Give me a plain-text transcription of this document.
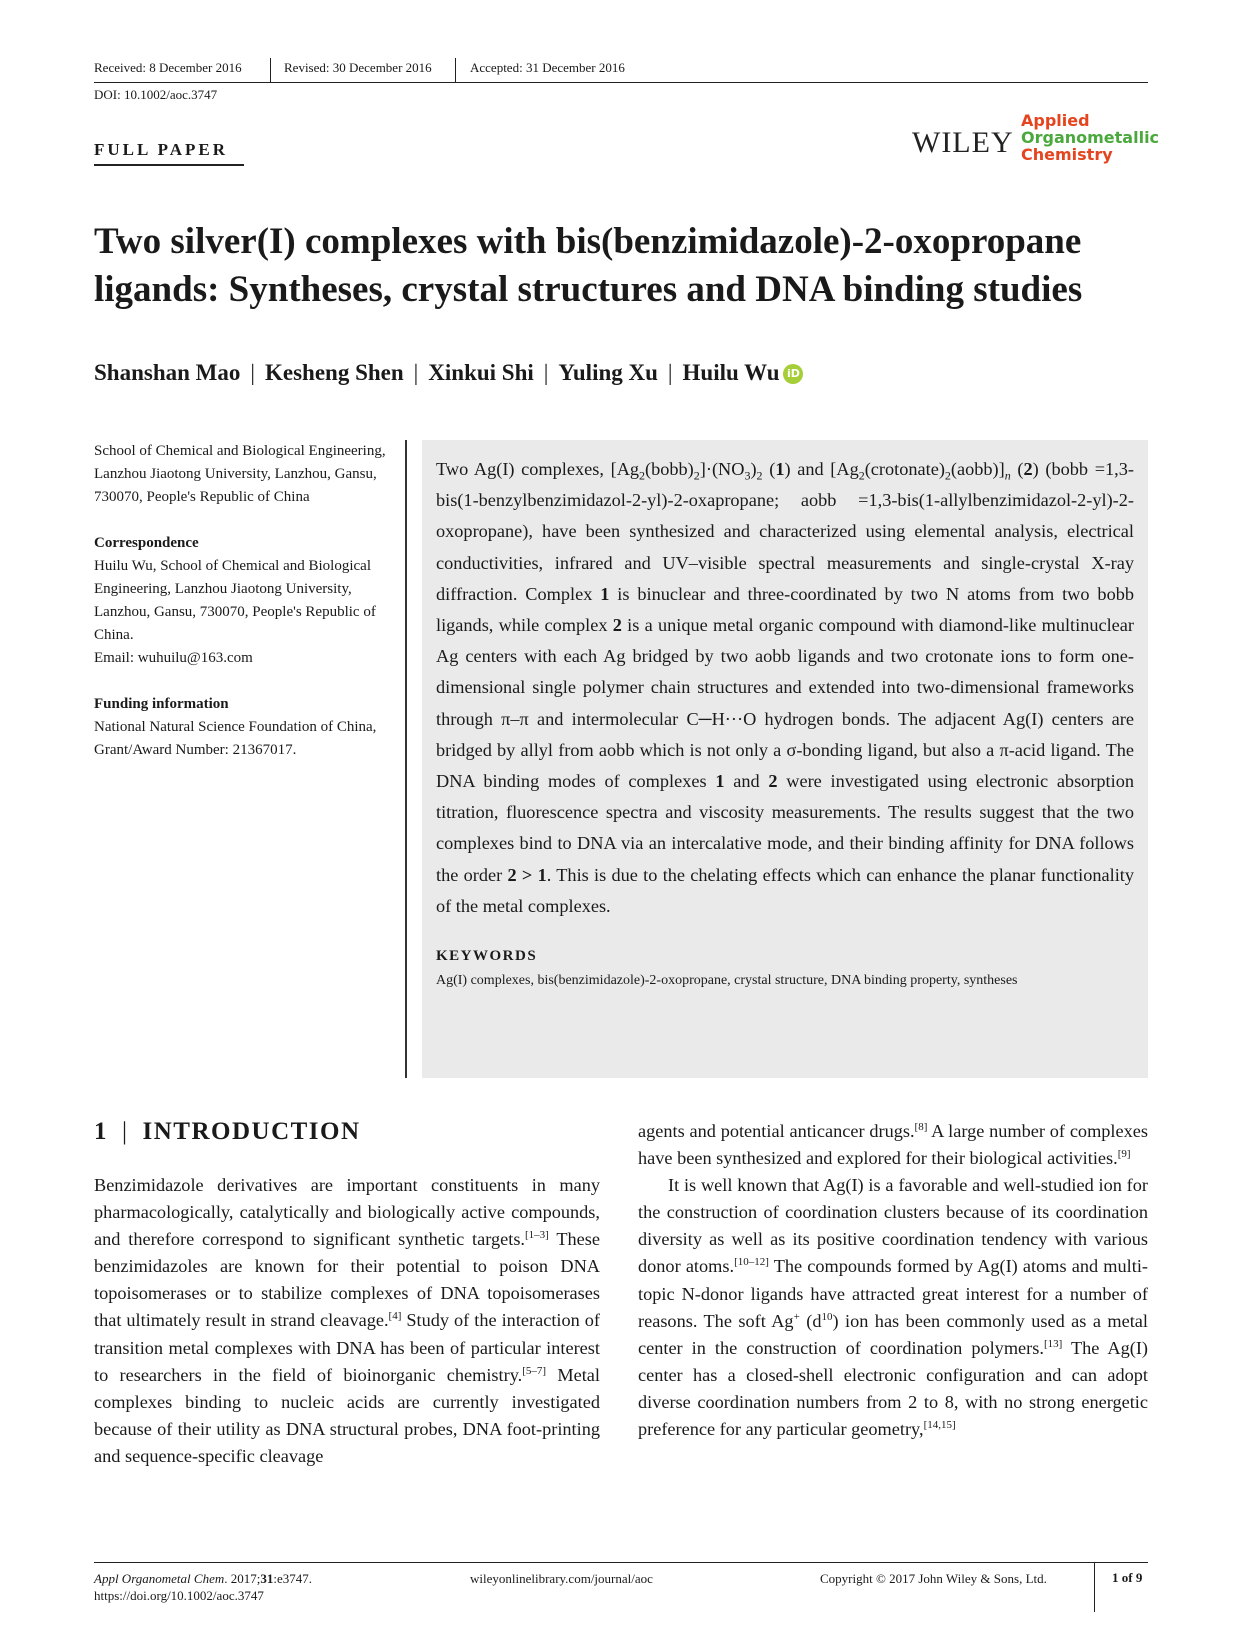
Received: 8 December 2016	Revised: 30 December 2016	Accepted: 31 December 2016
DOI: 10.1002/aoc.3747
FULL PAPER	WILEY
Applied
Organometallic
Chemistry
Two silver(I) complexes with bis(benzimidazole)-2-oxopropane
ligands: Syntheses, crystal structures and DNA binding studies
Shanshan Mao | Kesheng Shen | Xinkui Shi | Yuling Xu | Huilu Wu iD

School of Chemical and Biological Engineering, Lanzhou Jiaotong University, Lanzhou, Gansu, 730070, People's Republic of China

Correspondence
Huilu Wu, School of Chemical and Biological Engineering, Lanzhou Jiaotong University, Lanzhou, Gansu, 730070, People's Republic of China.
Email: wuhuilu@163.com

Funding information
National Natural Science Foundation of China, Grant/Award Number: 21367017.

Two Ag(I) complexes, $[Ag_2(bobb)_2]\cdot(NO_3)_2$ (1) and $[Ag_2(crotonate)_2(aobb)]_n$ (2) (bobb =1,3-bis(1-benzylbenzimidazol-2-yl)-2-oxapropane; aobb =1,3-bis(1-allylbenzimidazol-2-yl)-2-oxopropane), have been synthesized and characterized using elemental analysis, electrical conductivities, infrared and UV–visible spectral measurements and single-crystal X-ray diffraction. Complex 1 is binuclear and three-coordinated by two N atoms from two bobb ligands, while complex 2 is a unique metal organic compound with diamond-like multinuclear Ag centers with each Ag bridged by two aobb ligands and two crotonate ions to form one-dimensional single polymer chain structures and extended into two-dimensional frameworks through π–π and intermolecular C─H···O hydrogen bonds. The adjacent Ag(I) centers are bridged by allyl from aobb which is not only a σ-bonding ligand, but also a π-acid ligand. The DNA binding modes of complexes 1 and 2 were investigated using electronic absorption titration, fluorescence spectra and viscosity measurements. The results suggest that the two complexes bind to DNA via an intercalative mode, and their binding affinity for DNA follows the order 2 > 1. This is due to the chelating effects which can enhance the planar functionality of the metal complexes.

KEYWORDS

Ag(I) complexes, bis(benzimidazole)-2-oxopropane, crystal structure, DNA binding property, syntheses

1 | INTRODUCTION

Benzimidazole derivatives are important constituents in many pharmacologically, catalytically and biologically active compounds, and therefore correspond to significant synthetic targets.[1–3] These benzimidazoles are known for their potential to poison DNA topoisomerases or to stabilize complexes of DNA topoisomerases that ultimately result in strand cleavage.[4] Study of the interaction of transition metal complexes with DNA has been of particular interest to researchers in the field of bioinorganic chemistry.[5–7] Metal complexes binding to nucleic acids are currently investigated because of their utility as DNA structural probes, DNA foot-printing and sequence-specific cleavage

agents and potential anticancer drugs.[8] A large number of complexes have been synthesized and explored for their biological activities.[9]

It is well known that Ag(I) is a favorable and well-studied ion for the construction of coordination clusters because of its coordination diversity as well as its positive coordination tendency with various donor atoms.[10–12] The compounds formed by Ag(I) atoms and multi-topic N-donor ligands have attracted great interest for a number of reasons. The soft Ag+ $(d^{10})$ ion has been commonly used as a metal center in the construction of coordination polymers.[13] The Ag(I) center has a closed-shell electronic configuration and can adopt diverse coordination numbers from 2 to 8, with no strong energetic preference for any particular geometry,[14,15]

Appl Organometal Chem. 2017;31:e3747.
https://doi.org/10.1002/aoc.3747
wileyonlinelibrary.com/journal/aoc	Copyright © 2017 John Wiley & Sons, Ltd.	1 of 9
